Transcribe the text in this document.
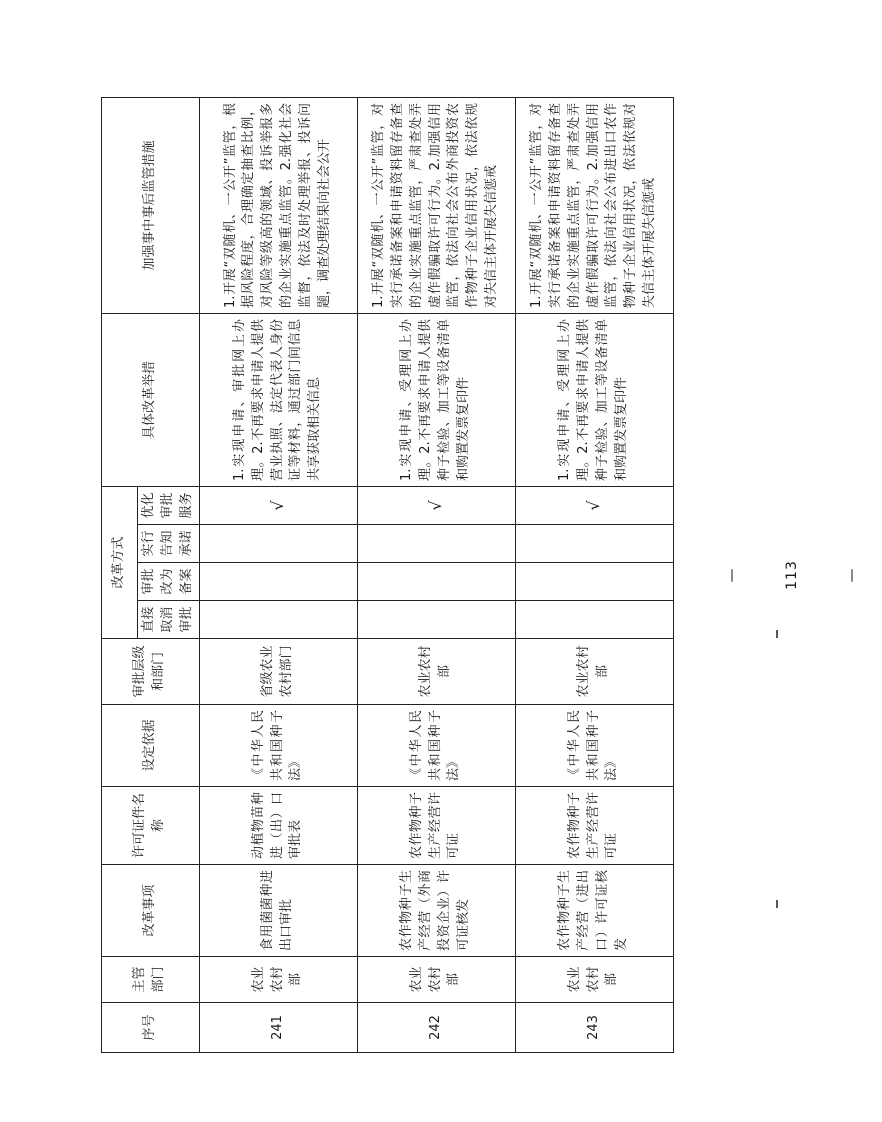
序号	主管部门	改革事项	许可证件名称	设定依据	审批层级和部门	改革方式				具体改革举措	加强事中事后监管措施
						直接取消审批	审批改为备案	实行告知承诺	优化审批服务		
241	农业农村部	食用菌菌种进出口审批	动植物苗种进（出）口审批表	《中华人民共和国种子法》	省级农业农村部门				√	1.实现申请、审批网上办理。2.不再要求申请人提供营业执照、法定代表人身份证等材料，通过部门间信息共享获取相关信息	1.开展“双随机、一公开”监管，根据风险程度，合理确定抽查比例，对风险等级高的领域、投诉举报多的企业实施重点监管。2.强化社会监督，依法及时处理举报、投诉问题，调查处理结果向社会公开
242	农业农村部	农作物种子生产经营（外商投资企业）许可证核发	农作物种子生产经营许可证	《中华人民共和国种子法》	农业农村部				√	1.实现申请、受理网上办理。2.不再要求申请人提供种子检验、加工等设备清单和购置发票复印件	1.开展“双随机、一公开”监管，对实行承诺备案和申请资料留存备查的企业实施重点监管，严肃查处弄虚作假骗取许可行为。2.加强信用监管，依法向社会公布外商投资农作物种子企业信用状况，依法依规对失信主体开展失信惩戒
243	农业农村部	农作物种子生产经营（进出口）许可证核发	农作物种子生产经营许可证	《中华人民共和国种子法》	农业农村部				√	1.实现申请、受理网上办理。2.不再要求申请人提供种子检验、加工等设备清单和购置发票复印件	1.开展“双随机、一公开”监管，对实行承诺备案和申请资料留存备查的企业实施重点监管，严肃查处弄虚作假骗取许可行为。2.加强信用监管，依法向社会公布进出口农作物种子企业信用状况，依法依规对失信主体开展失信惩戒
— 113 —
